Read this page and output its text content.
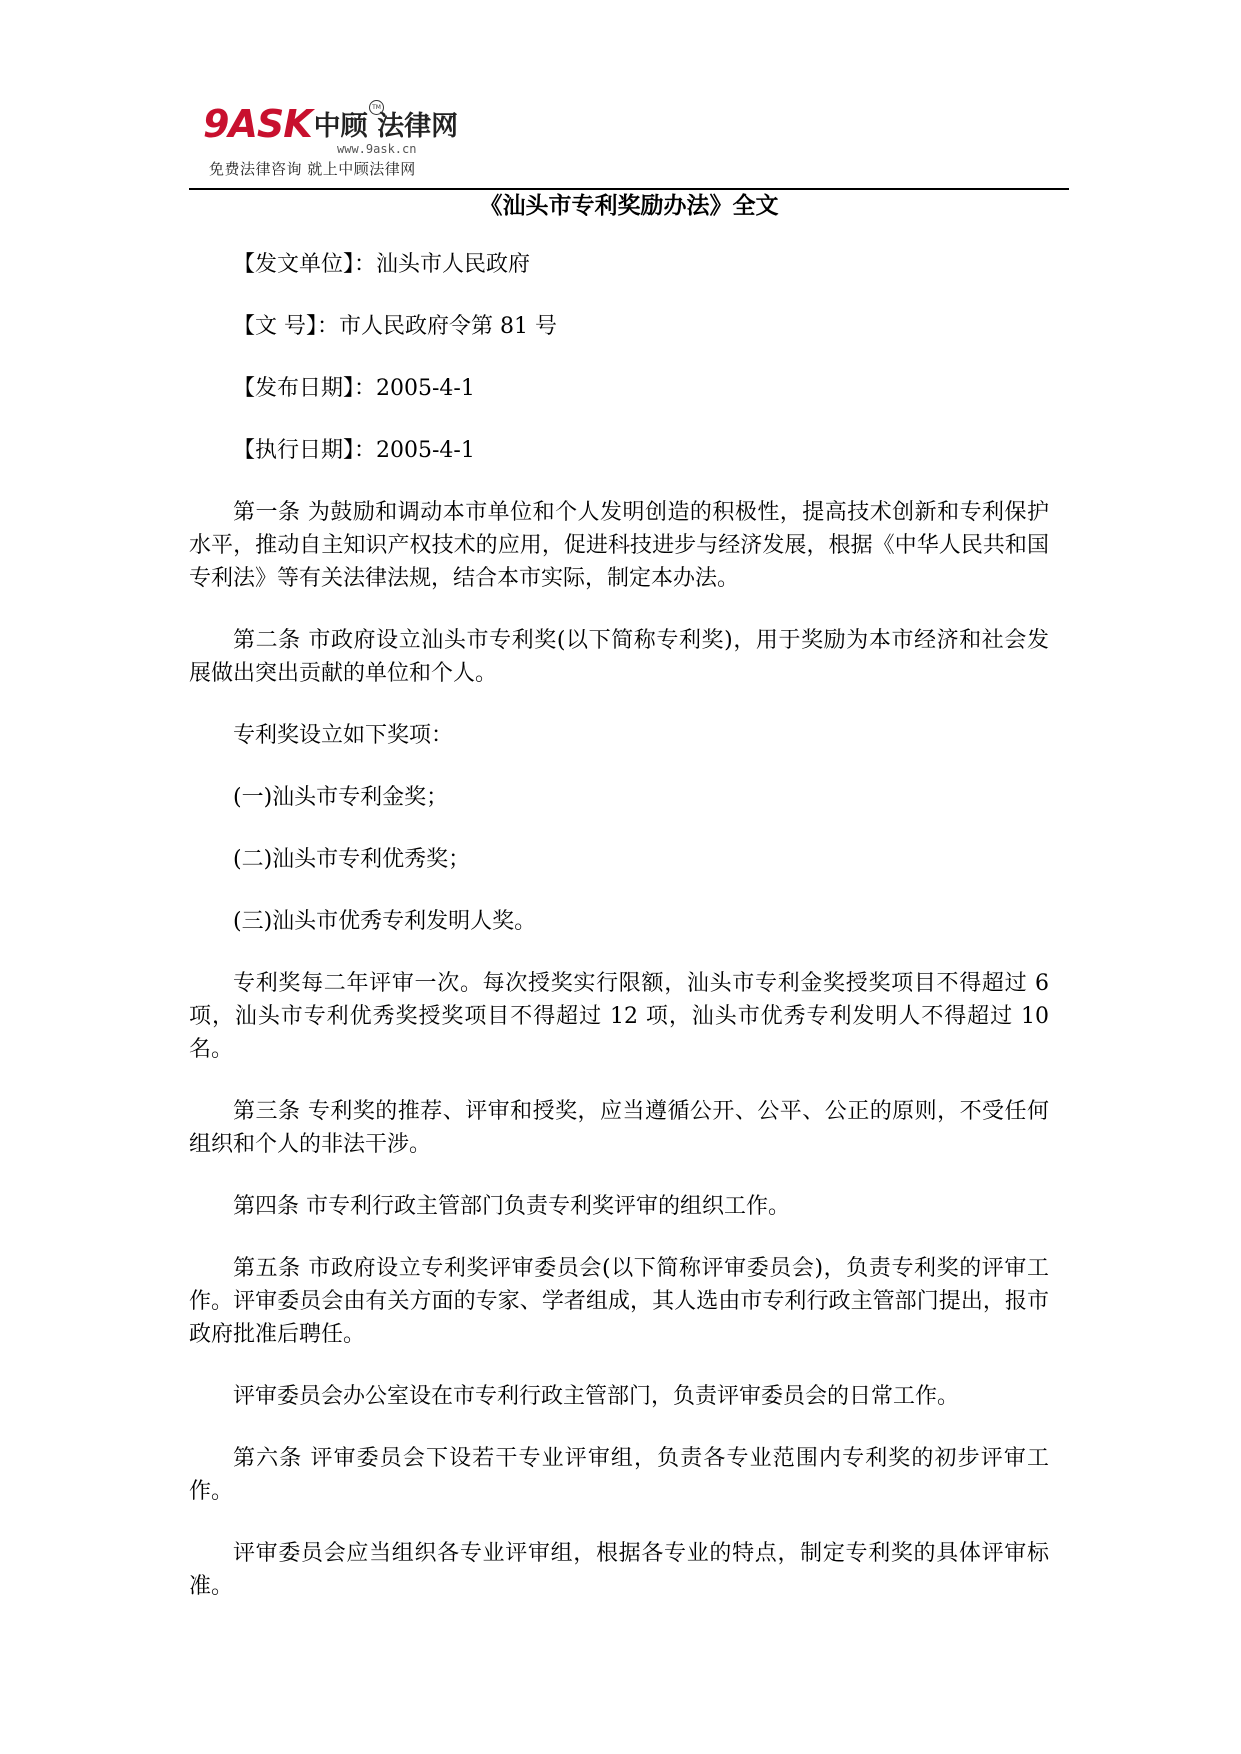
9ASK 中顾 法律网
TM
www.9ask.cn
免费法律咨询 就上中顾法律网
《汕头市专利奖励办法》全文

【发文单位】：汕头市人民政府

【文 号】：市人民政府令第 81 号

【发布日期】：2005-4-1

【执行日期】：2005-4-1

第一条 为鼓励和调动本市单位和个人发明创造的积极性，提高技术创新和专利保护水平，推动自主知识产权技术的应用，促进科技进步与经济发展，根据《中华人民共和国专利法》等有关法律法规，结合本市实际，制定本办法。

第二条 市政府设立汕头市专利奖(以下简称专利奖)，用于奖励为本市经济和社会发展做出突出贡献的单位和个人。

专利奖设立如下奖项：

(一)汕头市专利金奖；

(二)汕头市专利优秀奖；

(三)汕头市优秀专利发明人奖。

专利奖每二年评审一次。每次授奖实行限额，汕头市专利金奖授奖项目不得超过 6 项，汕头市专利优秀奖授奖项目不得超过 12 项，汕头市优秀专利发明人不得超过 10 名。

第三条 专利奖的推荐、评审和授奖，应当遵循公开、公平、公正的原则，不受任何组织和个人的非法干涉。

第四条 市专利行政主管部门负责专利奖评审的组织工作。

第五条 市政府设立专利奖评审委员会(以下简称评审委员会)，负责专利奖的评审工作。评审委员会由有关方面的专家、学者组成，其人选由市专利行政主管部门提出，报市政府批准后聘任。

评审委员会办公室设在市专利行政主管部门，负责评审委员会的日常工作。

第六条 评审委员会下设若干专业评审组，负责各专业范围内专利奖的初步评审工作。

评审委员会应当组织各专业评审组，根据各专业的特点，制定专利奖的具体评审标准。
